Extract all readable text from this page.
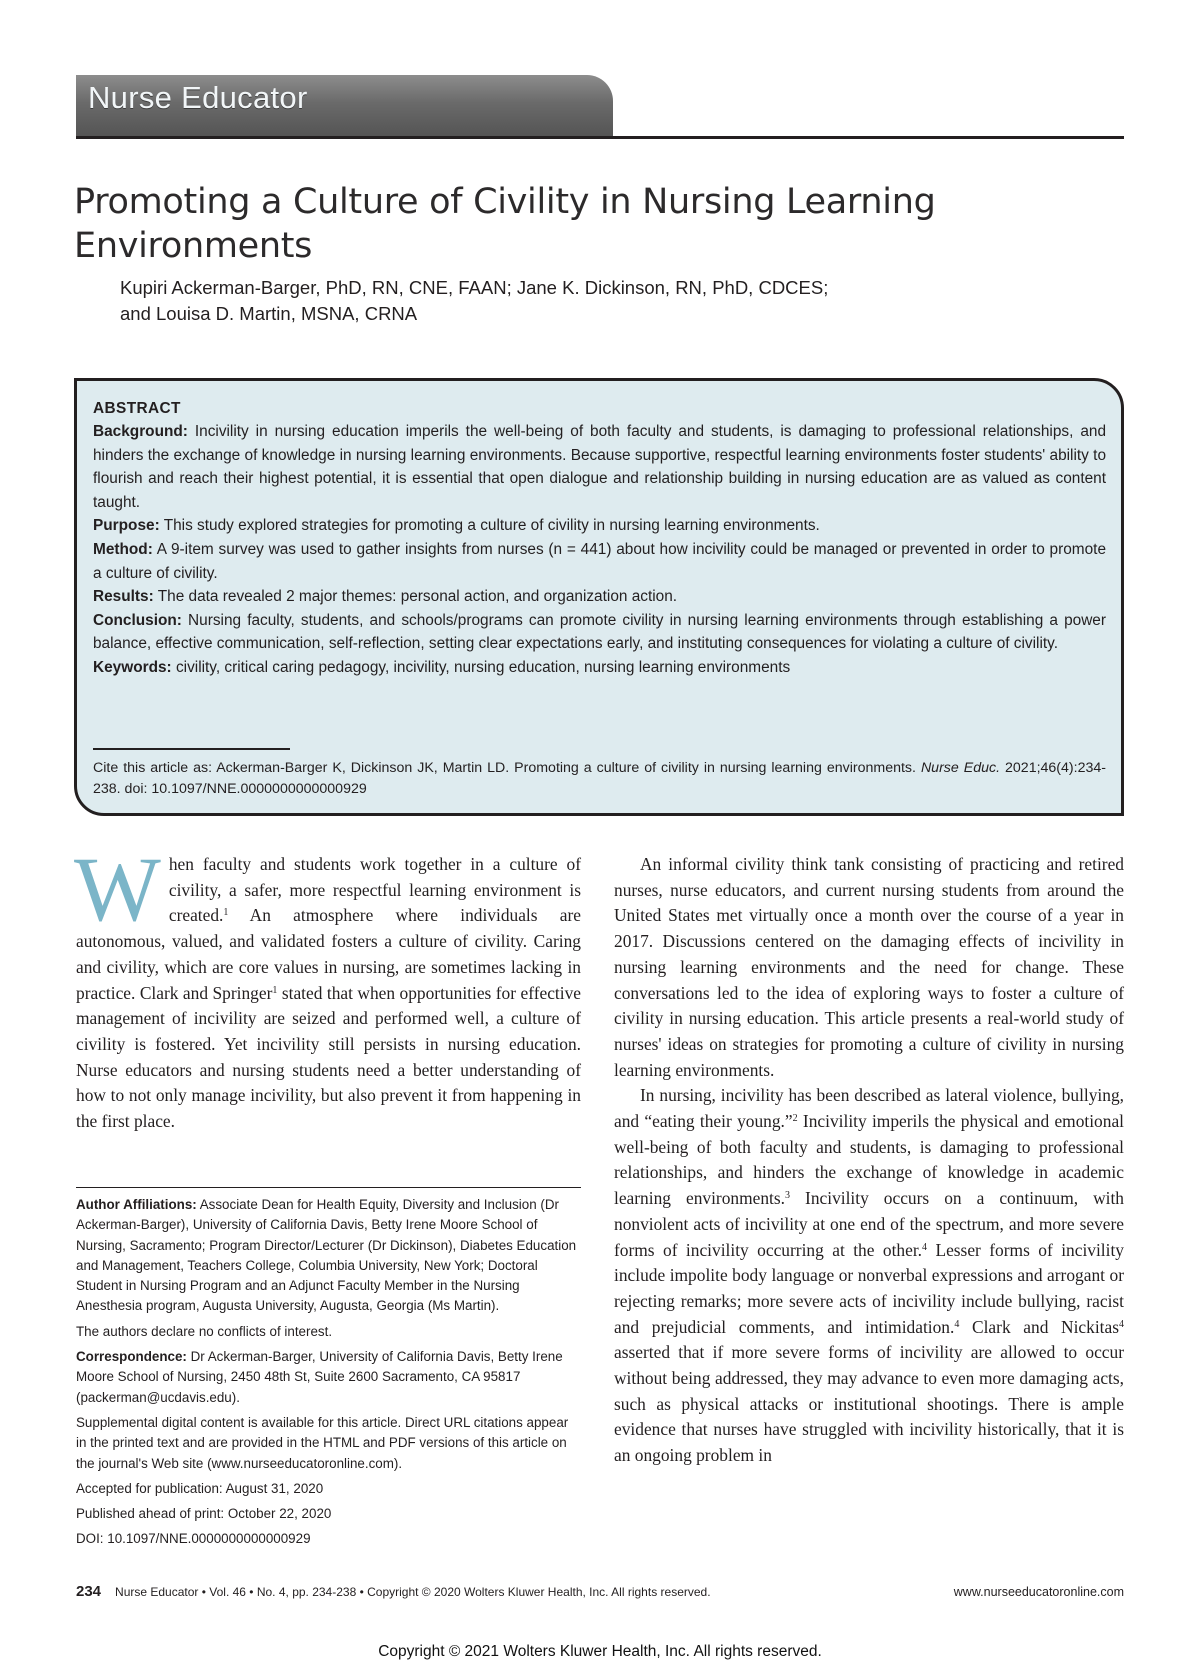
Nurse Educator
Promoting a Culture of Civility in Nursing Learning Environments
Kupiri Ackerman-Barger, PhD, RN, CNE, FAAN; Jane K. Dickinson, RN, PhD, CDCES;
and Louisa D. Martin, MSNA, CRNA
ABSTRACT
Background: Incivility in nursing education imperils the well-being of both faculty and students, is damaging to professional relationships, and hinders the exchange of knowledge in nursing learning environments. Because supportive, respectful learning environments foster students' ability to flourish and reach their highest potential, it is essential that open dialogue and relationship building in nursing education are as valued as content taught.
Purpose: This study explored strategies for promoting a culture of civility in nursing learning environments.
Method: A 9-item survey was used to gather insights from nurses (n = 441) about how incivility could be managed or prevented in order to promote a culture of civility.
Results: The data revealed 2 major themes: personal action, and organization action.
Conclusion: Nursing faculty, students, and schools/programs can promote civility in nursing learning environments through establishing a power balance, effective communication, self-reflection, setting clear expectations early, and instituting consequences for violating a culture of civility.
Keywords: civility, critical caring pedagogy, incivility, nursing education, nursing learning environments
Cite this article as: Ackerman-Barger K, Dickinson JK, Martin LD. Promoting a culture of civility in nursing learning environments. Nurse Educ. 2021;46(4):234-238. doi: 10.1097/NNE.0000000000000929
When faculty and students work together in a culture of civility, a safer, more respectful learning environment is created.$^1$ An atmosphere where individuals are autonomous, valued, and validated fosters a culture of civility. Caring and civility, which are core values in nursing, are sometimes lacking in practice. Clark and Springer$^1$ stated that when opportunities for effective management of incivility are seized and performed well, a culture of civility is fostered. Yet incivility still persists in nursing education. Nurse educators and nursing students need a better understanding of how to not only manage incivility, but also prevent it from happening in the first place.

Author Affiliations: Associate Dean for Health Equity, Diversity and Inclusion (Dr Ackerman-Barger), University of California Davis, Betty Irene Moore School of Nursing, Sacramento; Program Director/Lecturer (Dr Dickinson), Diabetes Education and Management, Teachers College, Columbia University, New York; Doctoral Student in Nursing Program and an Adjunct Faculty Member in the Nursing Anesthesia program, Augusta University, Augusta, Georgia (Ms Martin).

The authors declare no conflicts of interest.

Correspondence: Dr Ackerman-Barger, University of California Davis, Betty Irene Moore School of Nursing, 2450 48th St, Suite 2600 Sacramento, CA 95817 (packerman@ucdavis.edu).

Supplemental digital content is available for this article. Direct URL citations appear in the printed text and are provided in the HTML and PDF versions of this article on the journal's Web site (www.nurseeducatoronline.com).

Accepted for publication: August 31, 2020

Published ahead of print: October 22, 2020

DOI: 10.1097/NNE.0000000000000929

An informal civility think tank consisting of practicing and retired nurses, nurse educators, and current nursing students from around the United States met virtually once a month over the course of a year in 2017. Discussions centered on the damaging effects of incivility in nursing learning environments and the need for change. These conversations led to the idea of exploring ways to foster a culture of civility in nursing education. This article presents a real-world study of nurses' ideas on strategies for promoting a culture of civility in nursing learning environments.
In nursing, incivility has been described as lateral violence, bullying, and “eating their young.”$^2$ Incivility imperils the physical and emotional well-being of both faculty and students, is damaging to professional relationships, and hinders the exchange of knowledge in academic learning environments.$^3$ Incivility occurs on a continuum, with nonviolent acts of incivility at one end of the spectrum, and more severe forms of incivility occurring at the other.$^4$ Lesser forms of incivility include impolite body language or nonverbal expressions and arrogant or rejecting remarks; more severe acts of incivility include bullying, racist and prejudicial comments, and intimidation.$^4$ Clark and Nickitas$^4$ asserted that if more severe forms of incivility are allowed to occur without being addressed, they may advance to even more damaging acts, such as physical attacks or institutional shootings. There is ample evidence that nurses have struggled with incivility historically, that it is an ongoing problem in
234 Nurse Educator • Vol. 46 • No. 4, pp. 234-238 • Copyright © 2020 Wolters Kluwer Health, Inc. All rights reserved.	www.nurseeducatoronline.com
Copyright © 2021 Wolters Kluwer Health, Inc. All rights reserved.
